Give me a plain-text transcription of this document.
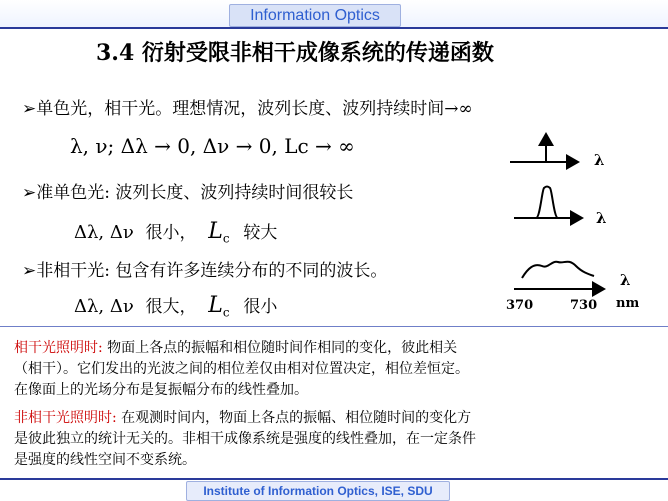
Information Optics
3.4 衍射受限非相干成像系统的传递函数
➢单色光，相干光。理想情况，波列长度、波列持续时间→∞
λ, ν; Δλ → 0, Δν → 0, Lc → ∞
➢准单色光: 波列长度、波列持续时间很较长
Δλ, Δν 很小， $L_c$ 较大
➢非相干光: 包含有许多连续分布的不同的波长。
Δλ, Δν 很大， $L_c$ 很小
λ
λ
λ
370	730 nm

相干光照明时: 物面上各点的振幅和相位随时间作相同的变化，彼此相关

（相干）。它们发出的光波之间的相位差仅由相对位置决定，相位差恒定。

在像面上的光场分布是复振幅分布的线性叠加。

非相干光照明时: 在观测时间内，物面上各点的振幅、相位随时间的变化方

是彼此独立的统计无关的。非相干成像系统是强度的线性叠加，在一定条件

是强度的线性空间不变系统。

Institute of Information Optics, ISE, SDU
